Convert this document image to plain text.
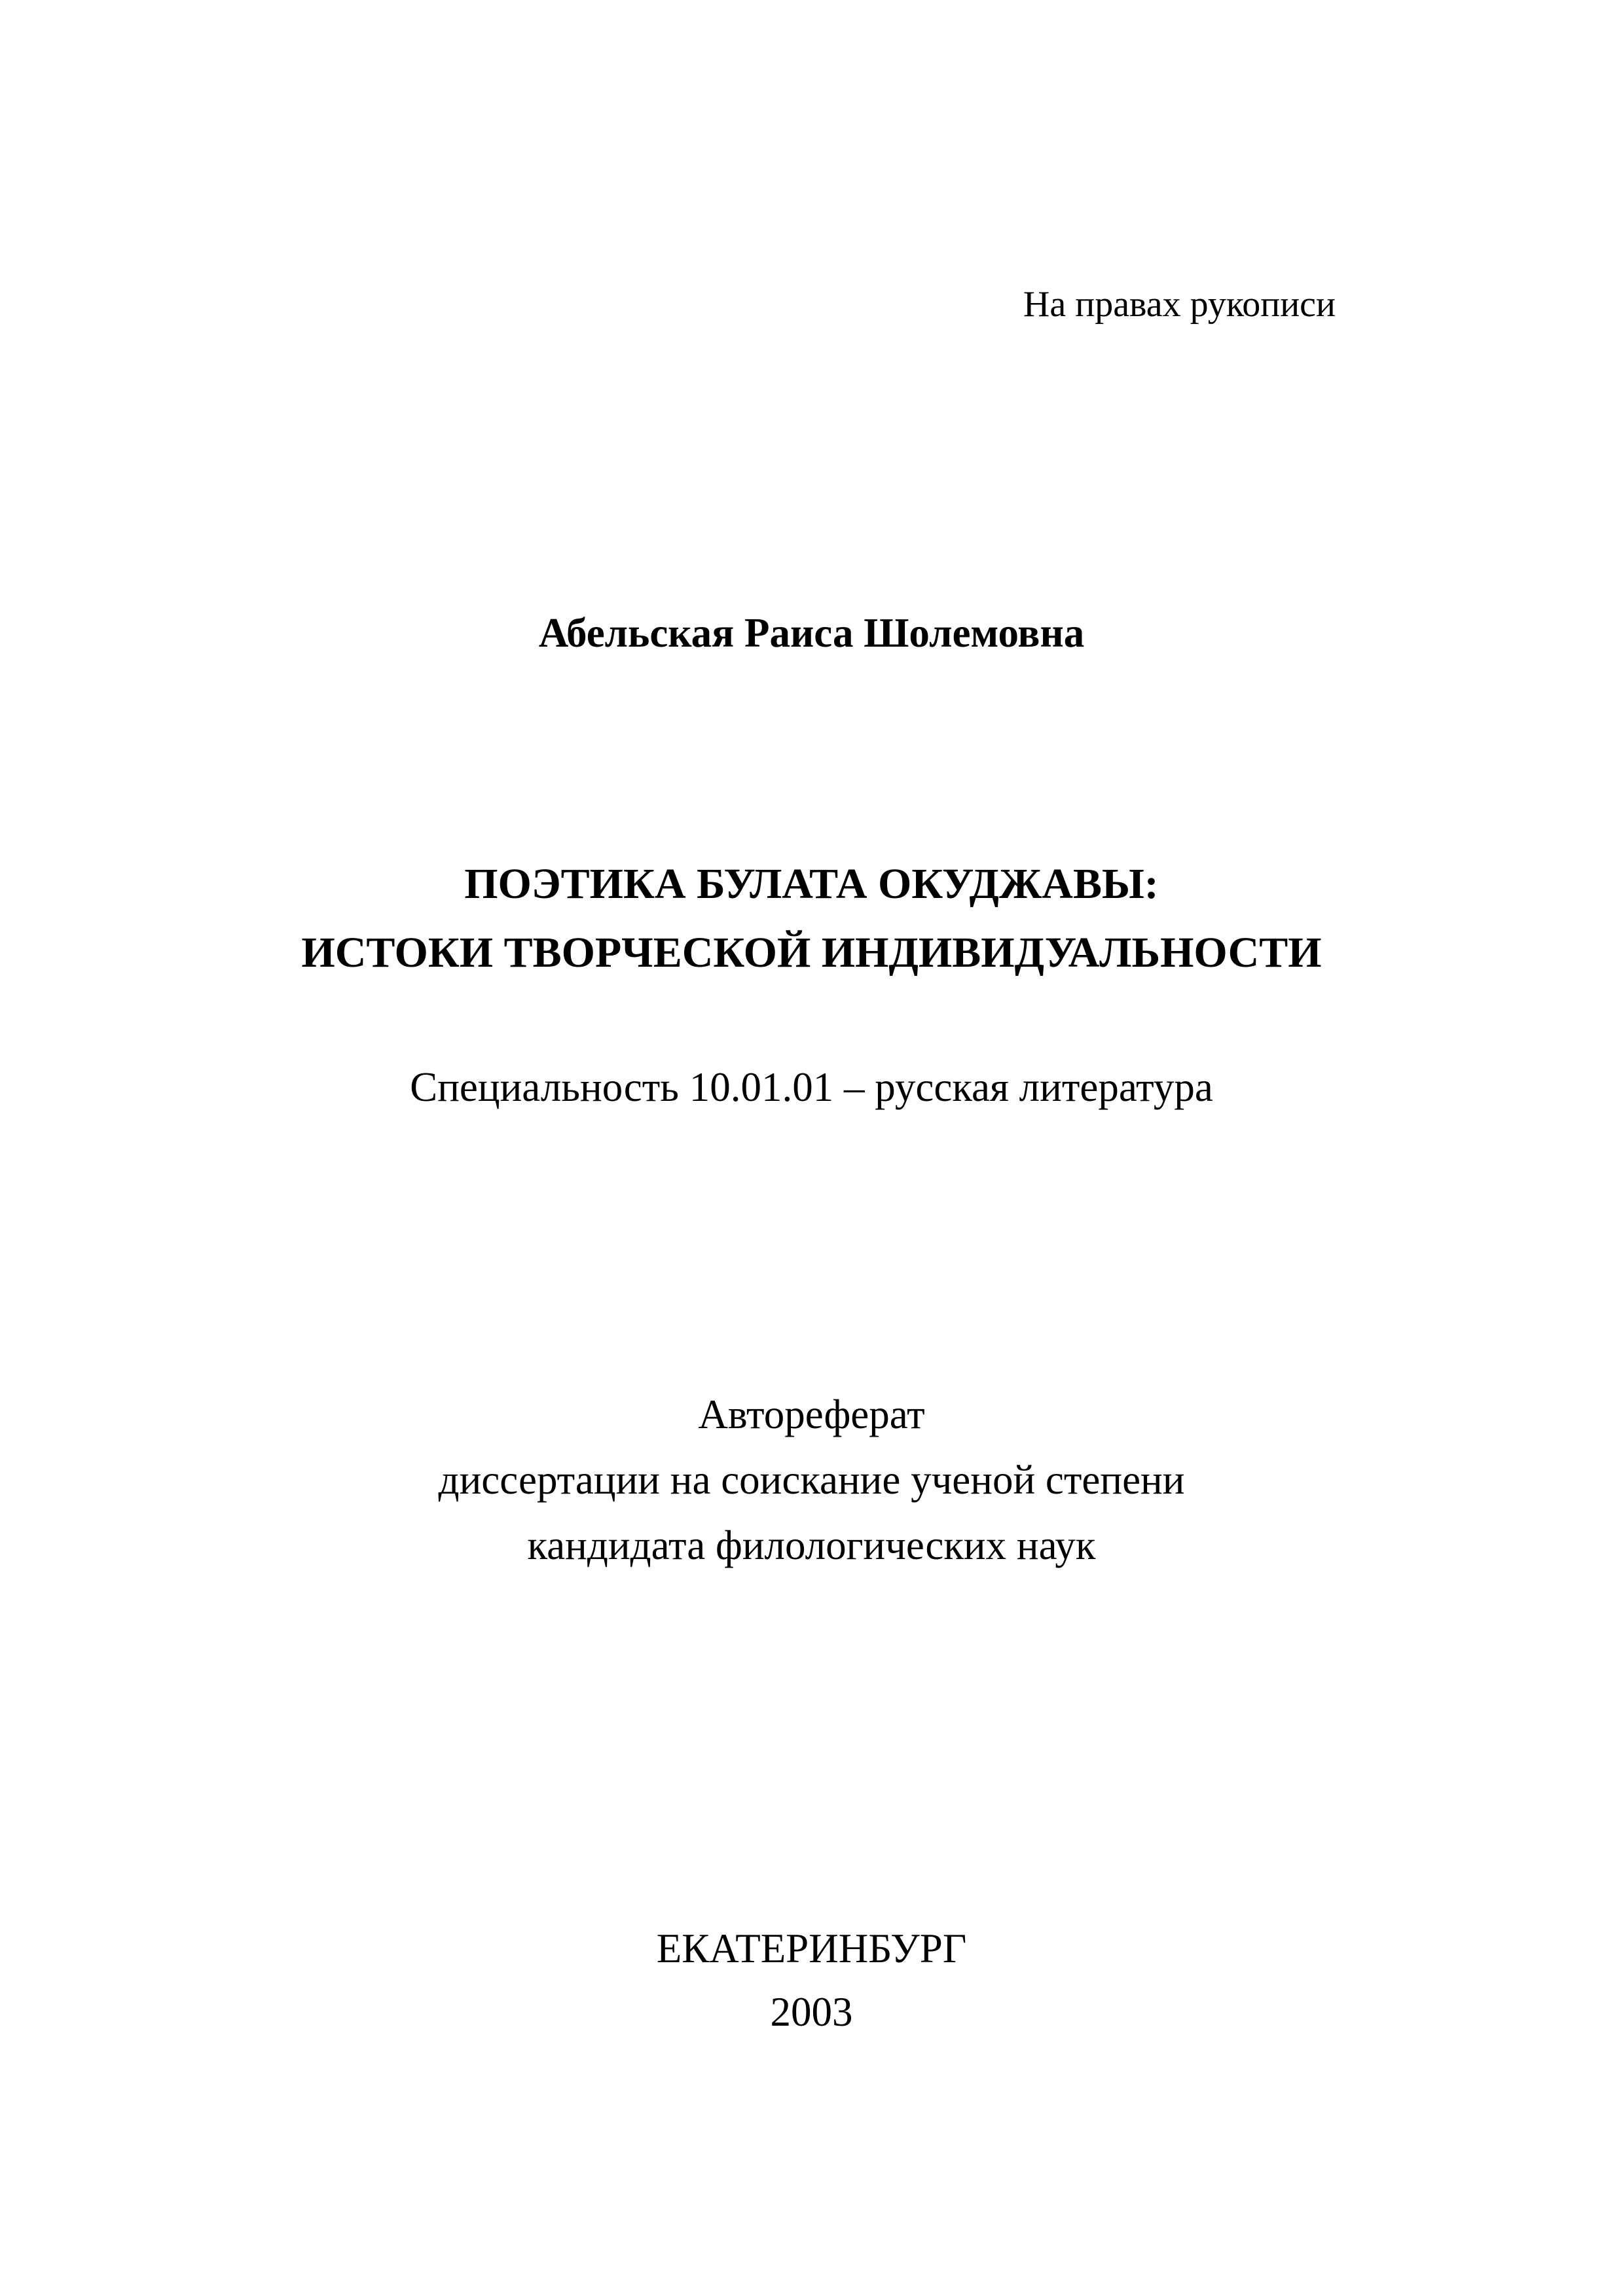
На правах рукописи

Абельская Раиса Шолемовна

ПОЭТИКА БУЛАТА ОКУДЖАВЫ:

ИСТОКИ ТВОРЧЕСКОЙ ИНДИВИДУАЛЬНОСТИ

Специальность 10.01.01 – русская литература

Автореферат

диссертации на соискание ученой степени

кандидата филологических наук

ЕКАТЕРИНБУРГ

2003
